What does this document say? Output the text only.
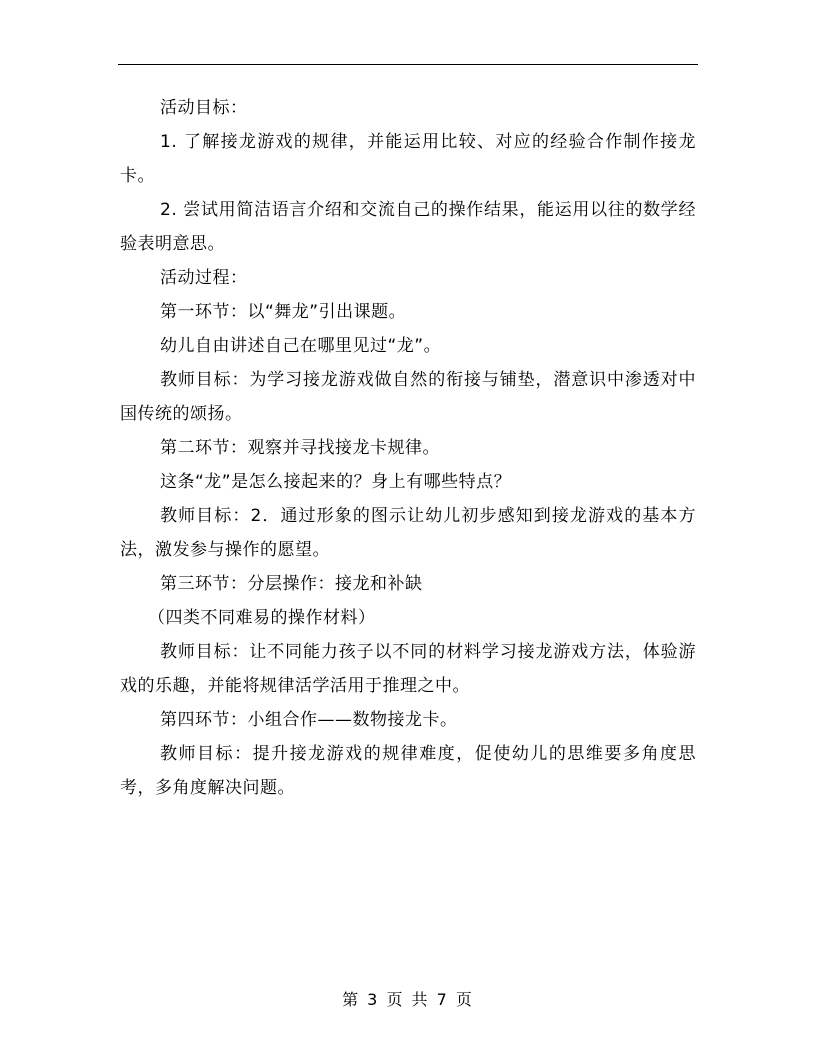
活动目标：

1. 了解接龙游戏的规律，并能运用比较、对应的经验合作制作接龙卡。

2. 尝试用简洁语言介绍和交流自己的操作结果，能运用以往的数学经验表明意思。

活动过程：

第一环节：以“舞龙”引出课题。

幼儿自由讲述自己在哪里见过“龙”。

教师目标：为学习接龙游戏做自然的衔接与铺垫，潜意识中渗透对中国传统的颂扬。

第二环节：观察并寻找接龙卡规律。

这条“龙”是怎么接起来的？身上有哪些特点？

教师目标：2．通过形象的图示让幼儿初步感知到接龙游戏的基本方法，激发参与操作的愿望。

第三环节：分层操作：接龙和补缺

（四类不同难易的操作材料）

教师目标：让不同能力孩子以不同的材料学习接龙游戏方法，体验游戏的乐趣，并能将规律活学活用于推理之中。

第四环节：小组合作——数物接龙卡。

教师目标：提升接龙游戏的规律难度，促使幼儿的思维要多角度思考，多角度解决问题。

第 3 页 共 7 页
